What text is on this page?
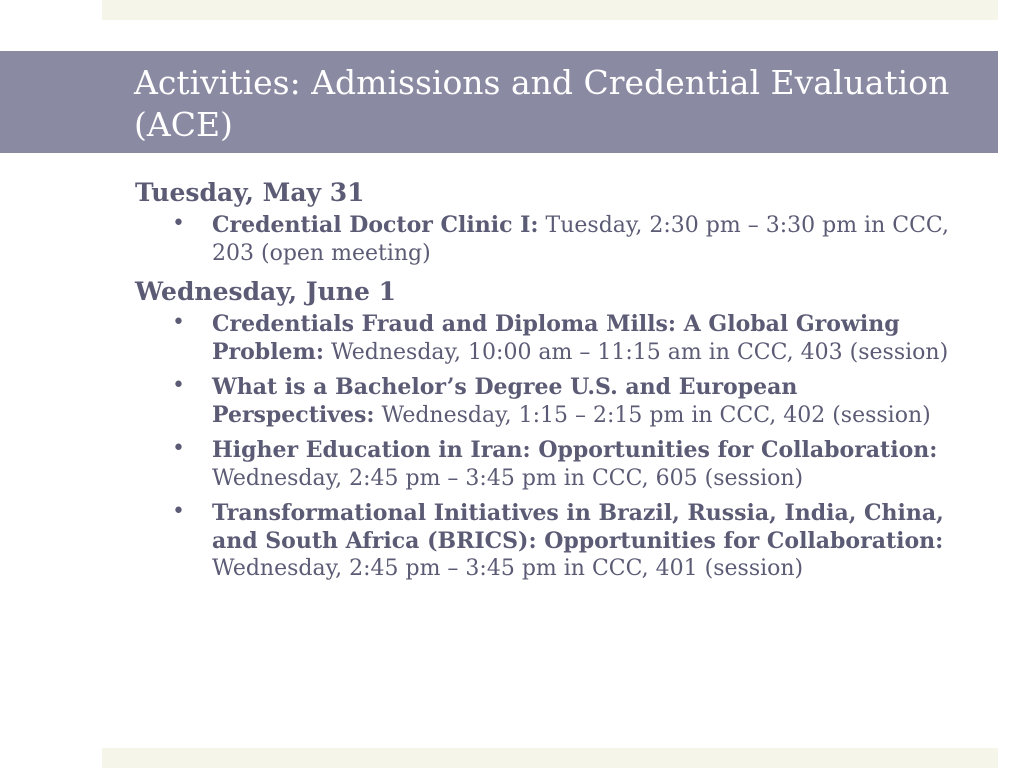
Activities: Admissions and Credential Evaluation (ACE)
Tuesday, May 31
• Credential Doctor Clinic I: Tuesday, 2:30 pm – 3:30 pm in CCC, 203 (open meeting)
Wednesday, June 1
• Credentials Fraud and Diploma Mills: A Global Growing Problem: Wednesday, 10:00 am – 11:15 am in CCC, 403 (session)
• What is a Bachelor’s Degree U.S. and European Perspectives: Wednesday, 1:15 – 2:15 pm in CCC, 402 (session)
• Higher Education in Iran: Opportunities for Collaboration: Wednesday, 2:45 pm – 3:45 pm in CCC, 605 (session)
• Transformational Initiatives in Brazil, Russia, India, China, and South Africa (BRICS): Opportunities for Collaboration: Wednesday, 2:45 pm – 3:45 pm in CCC, 401 (session)
